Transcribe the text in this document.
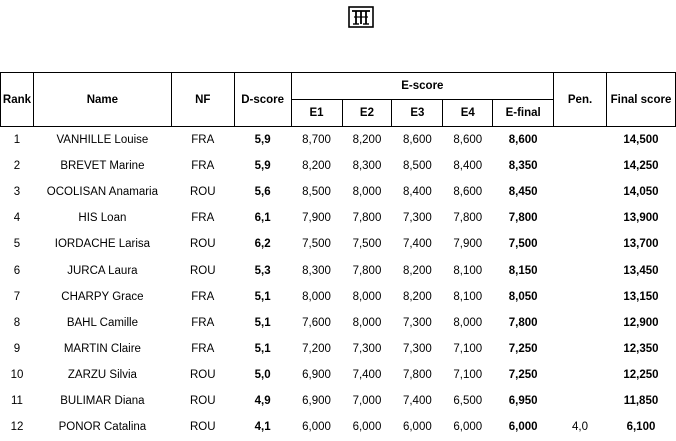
Rank	Name	NF	D-score	E-score					Pen.	Final score
				E1	E2	E3	E4	E-final		
1	VANHILLE Louise	FRA	5,9	8,700	8,200	8,600	8,600	8,600		14,500
2	BREVET Marine	FRA	5,9	8,200	8,300	8,500	8,400	8,350		14,250
3	OCOLISAN Anamaria	ROU	5,6	8,500	8,000	8,400	8,600	8,450		14,050
4	HIS Loan	FRA	6,1	7,900	7,800	7,300	7,800	7,800		13,900
5	IORDACHE Larisa	ROU	6,2	7,500	7,500	7,400	7,900	7,500		13,700
6	JURCA Laura	ROU	5,3	8,300	7,800	8,200	8,100	8,150		13,450
7	CHARPY Grace	FRA	5,1	8,000	8,000	8,200	8,100	8,050		13,150
8	BAHL Camille	FRA	5,1	7,600	8,000	7,300	8,000	7,800		12,900
9	MARTIN Claire	FRA	5,1	7,200	7,300	7,300	7,100	7,250		12,350
10	ZARZU Silvia	ROU	5,0	6,900	7,400	7,800	7,100	7,250		12,250
11	BULIMAR Diana	ROU	4,9	6,900	7,000	7,400	6,500	6,950		11,850
12	PONOR Catalina	ROU	4,1	6,000	6,000	6,000	6,000	6,000	4,0	6,100
